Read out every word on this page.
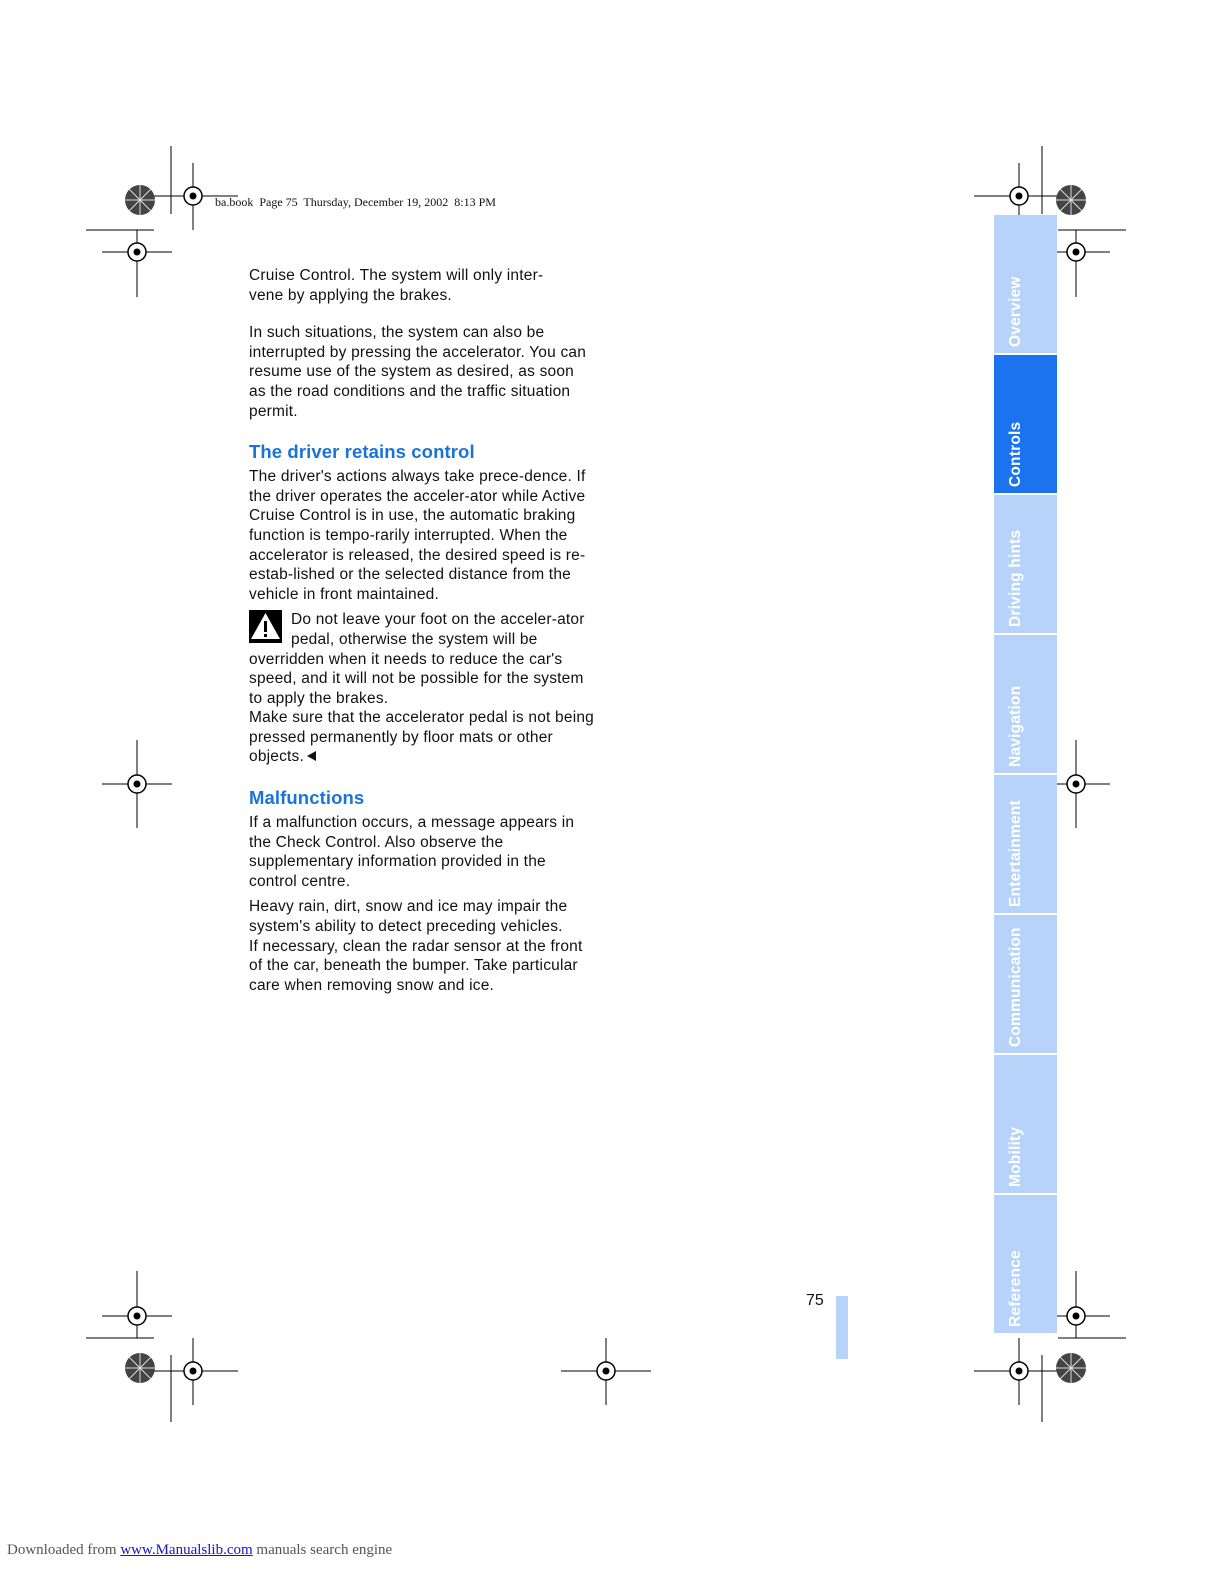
ba.book  Page 75  Thursday, December 19, 2002  8:13 PM

Cruise Control. The system will only inter-
vene by applying the brakes.

In such situations, the system can also be interrupted by pressing the accelerator. You can resume use of the system as desired, as soon as the road conditions and the traffic situation permit.

The driver retains control

The driver's actions always take prece-dence. If the driver operates the acceler-ator while Active Cruise Control is in use, the automatic braking function is tempo-rarily interrupted. When the accelerator is released, the desired speed is re-estab-lished or the selected distance from the vehicle in front maintained.

Do not leave your foot on the acceler-ator pedal, otherwise the system will be overridden when it needs to reduce the car's speed, and it will not be possible for the system to apply the brakes.

Make sure that the accelerator pedal is not being pressed permanently by floor mats or other objects.

Malfunctions

If a malfunction occurs, a message appears in the Check Control. Also observe the supplementary information provided in the control centre.

Heavy rain, dirt, snow and ice may impair the system's ability to detect preceding vehicles.

If necessary, clean the radar sensor at the front of the car, beneath the bumper. Take particular care when removing snow and ice.

Overview
Controls
Driving hints
Navigation
Entertainment
Communication
Mobility
Reference
75
Downloaded from www.Manualslib.com manuals search engine
